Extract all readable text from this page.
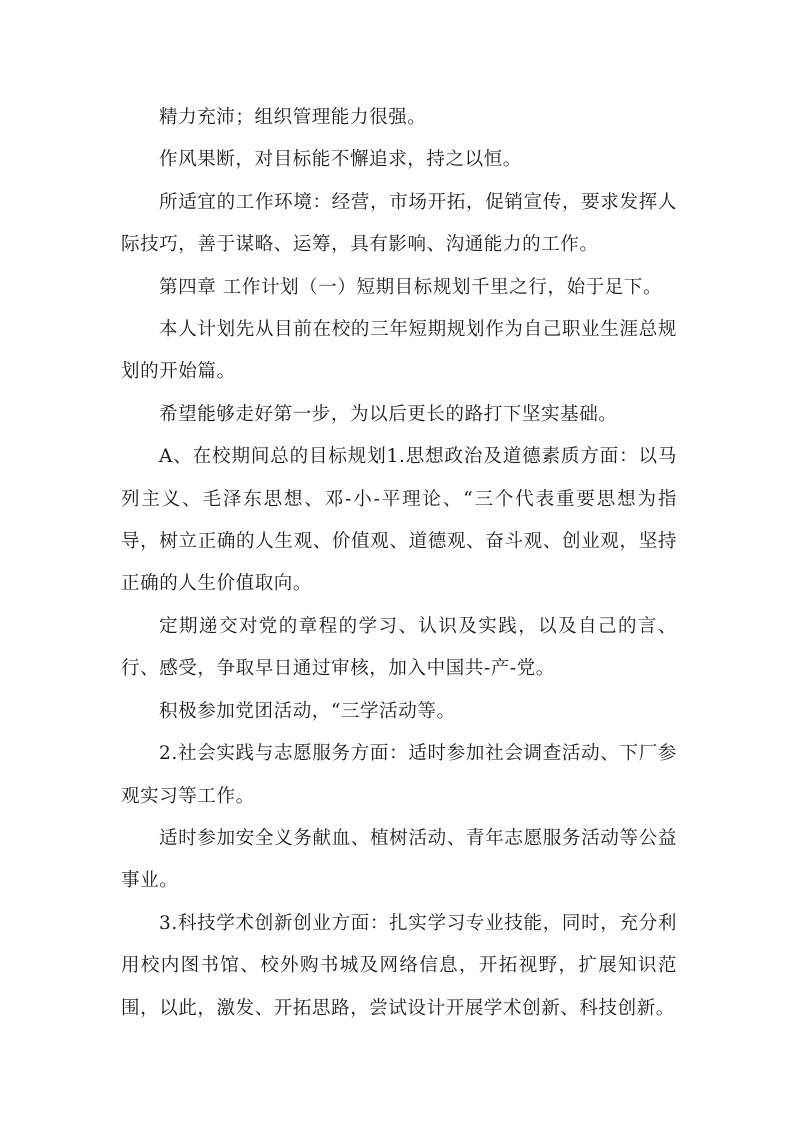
精力充沛；组织管理能力很强。

作风果断，对目标能不懈追求，持之以恒。

所适宜的工作环境：经营，市场开拓，促销宣传，要求发挥人际技巧，善于谋略、运筹，具有影响、沟通能力的工作。

第四章 工作计划（一）短期目标规划千里之行，始于足下。

本人计划先从目前在校的三年短期规划作为自己职业生涯总规划的开始篇。

希望能够走好第一步，为以后更长的路打下坚实基础。

A、在校期间总的目标规划1.思想政治及道德素质方面：以马列主义、毛泽东思想、邓-小-平理论、“三个代表重要思想为指导，树立正确的人生观、价值观、道德观、奋斗观、创业观，坚持正确的人生价值取向。

定期递交对党的章程的学习、认识及实践，以及自己的言、行、感受，争取早日通过审核，加入中国共-产-党。

积极参加党团活动，“三学活动等。

2.社会实践与志愿服务方面：适时参加社会调查活动、下厂参观实习等工作。

适时参加安全义务献血、植树活动、青年志愿服务活动等公益事业。

3.科技学术创新创业方面：扎实学习专业技能，同时，充分利用校内图书馆、校外购书城及网络信息，开拓视野，扩展知识范围，以此，激发、开拓思路，尝试设计开展学术创新、科技创新。
